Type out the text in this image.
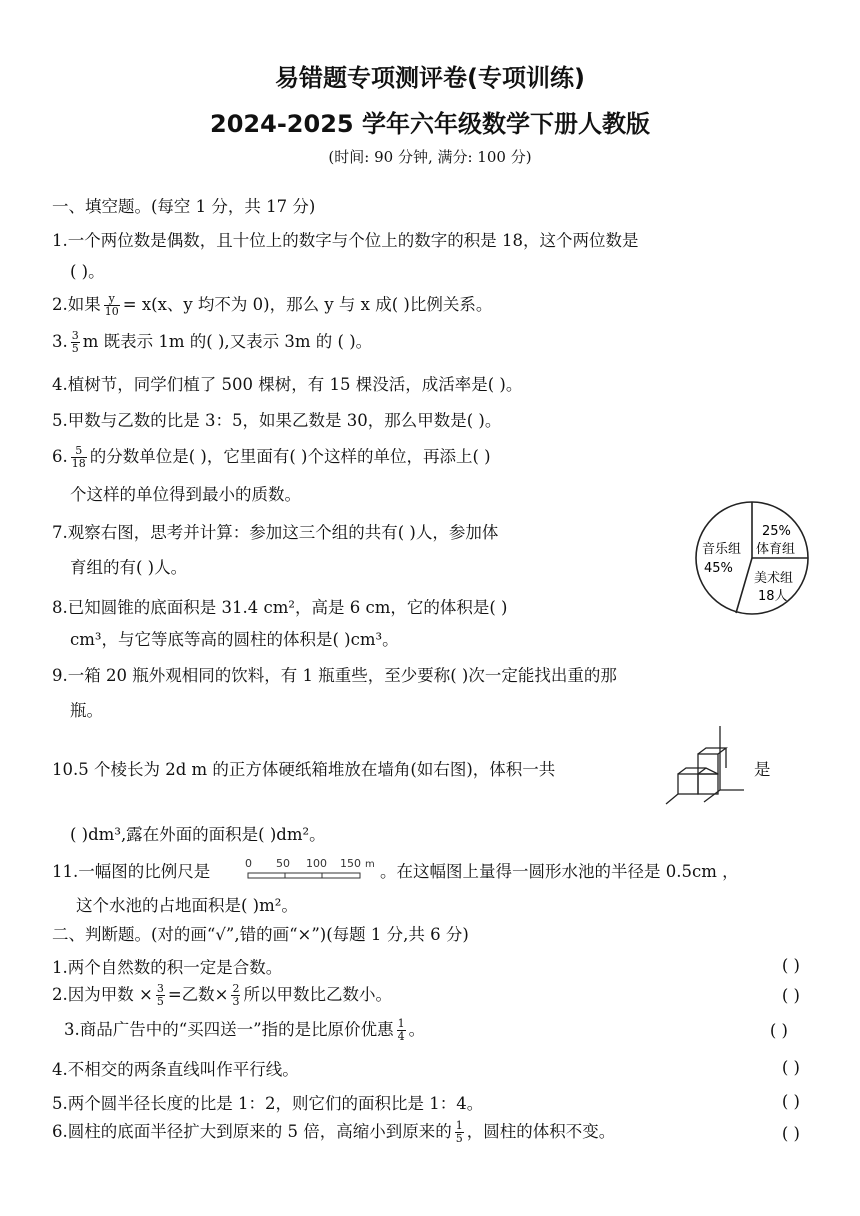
易错题专项测评卷(专项训练)
2024-2025 学年六年级数学下册人教版
(时间: 90 分钟, 满分: 100 分)
一、填空题。(每空 1 分，共 17 分)
1.一个两位数是偶数，且十位上的数字与个位上的数字的积是 18，这个两位数是
( )。
2.如果 $\frac{y}{10} = x(x$、y 均不为 0)，那么 y 与 x 成( )比例关系。
3. $\frac{3}{5}$ m 既表示 1m 的( ),又表示 3m 的 ( )。
4.植树节，同学们植了 500 棵树，有 15 棵没活，成活率是( )。
5.甲数与乙数的比是 3：5，如果乙数是 30，那么甲数是( )。
6. $\frac{5}{18}$ 的分数单位是( )，它里面有( )个这样的单位，再添上( )
个这样的单位得到最小的质数。
7.观察右图，思考并计算：参加这三个组的共有( )人，参加体
育组的有( )人。
音乐组
45%
25%
体育组
美术组
18人
8.已知圆锥的底面积是 31.4 cm²，高是 6 cm，它的体积是( )
cm³，与它等底等高的圆柱的体积是( )cm³。
9.一箱 20 瓶外观相同的饮料，有 1 瓶重些，至少要称( )次一定能找出重的那
瓶。
10.5 个棱长为 2d m 的正方体硬纸箱堆放在墙角(如右图)，体积一共	是
( )dm³,露在外面的面积是( )dm²。
11.一幅图的比例尺是	0 50 100 150 m 。在这幅图上量得一圆形水池的半径是 0.5cm ，
这个水池的占地面积是( )m²。
二、判断题。(对的画“√”,错的画“×”)(每题 1 分,共 6 分)
1.两个自然数的积一定是合数。	( )
2.因为甲数 × $\frac{3}{5}$ =乙数× $\frac{2}{3}$ 所以甲数比乙数小。	( )
3.商品广告中的“买四送一”指的是比原价优惠 $\frac{1}{4}$ 。	( )
4.不相交的两条直线叫作平行线。	( )
5.两个圆半径长度的比是 1：2，则它们的面积比是 1：4。	( )
6.圆柱的底面半径扩大到原来的 5 倍，高缩小到原来的 $\frac{1}{5}$ ，圆柱的体积不变。	( )
